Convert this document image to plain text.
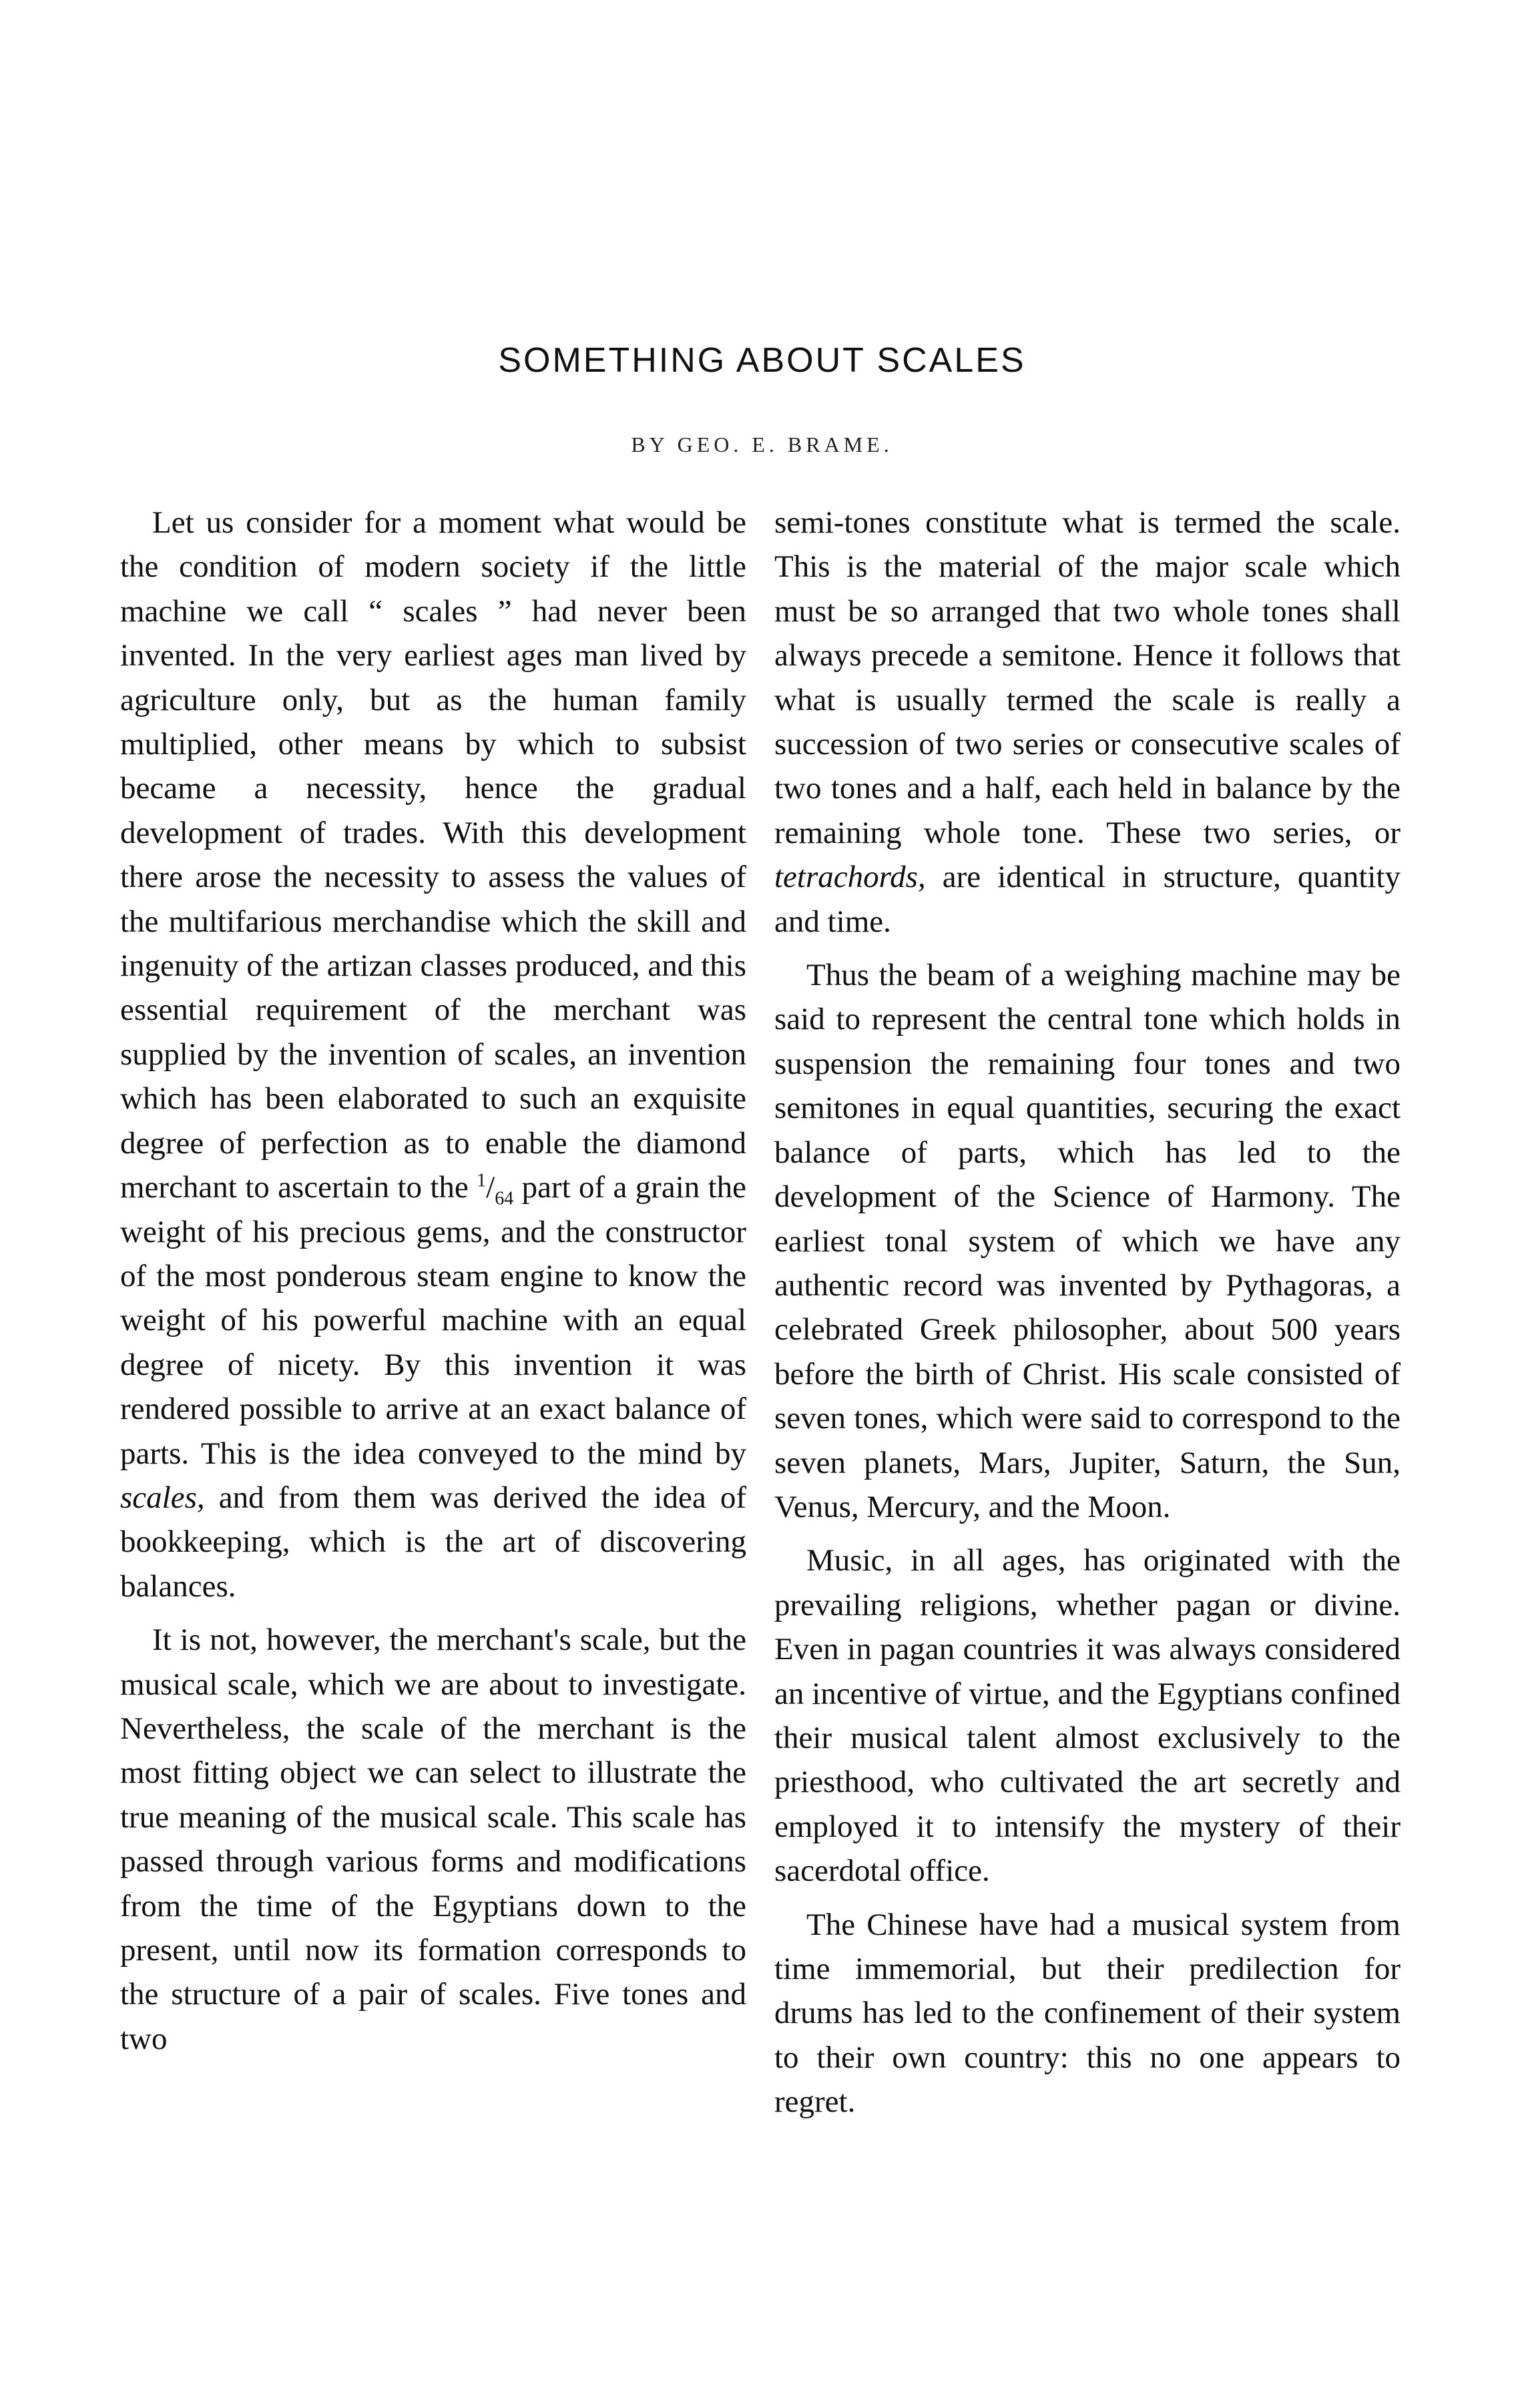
SOMETHING ABOUT SCALES
BY GEO. E. BRAME.

Let us consider for a moment what would be the condition of modern society if the little machine we call “ scales ” had never been invented. In the very earliest ages man lived by agriculture only, but as the human family multiplied, other means by which to subsist became a necessity, hence the gradual development of trades. With this development there arose the necessity to assess the values of the multifarious merchandise which the skill and ingenuity of the artizan classes produced, and this essential requirement of the merchant was supplied by the invention of scales, an invention which has been elaborated to such an exquisite degree of perfection as to enable the diamond merchant to ascertain to the $^1/_{64}$ part of a grain the weight of his precious gems, and the constructor of the most ponderous steam engine to know the weight of his powerful machine with an equal degree of nicety. By this invention it was rendered possible to arrive at an exact balance of parts. This is the idea conveyed to the mind by scales, and from them was derived the idea of bookkeeping, which is the art of discovering balances.

It is not, however, the merchant's scale, but the musical scale, which we are about to investigate. Nevertheless, the scale of the merchant is the most fitting object we can select to illustrate the true meaning of the musical scale. This scale has passed through various forms and modifications from the time of the Egyptians down to the present, until now its formation corresponds to the structure of a pair of scales. Five tones and two

semi-tones constitute what is termed the scale. This is the material of the major scale which must be so arranged that two whole tones shall always precede a semitone. Hence it follows that what is usually termed the scale is really a succession of two series or consecutive scales of two tones and a half, each held in balance by the remaining whole tone. These two series, or tetrachords, are identical in structure, quantity and time.

Thus the beam of a weighing machine may be said to represent the central tone which holds in suspension the remaining four tones and two semitones in equal quantities, securing the exact balance of parts, which has led to the development of the Science of Harmony. The earliest tonal system of which we have any authentic record was invented by Pythagoras, a celebrated Greek philosopher, about 500 years before the birth of Christ. His scale consisted of seven tones, which were said to correspond to the seven planets, Mars, Jupiter, Saturn, the Sun, Venus, Mercury, and the Moon.

Music, in all ages, has originated with the prevailing religions, whether pagan or divine. Even in pagan countries it was always considered an incentive of virtue, and the Egyptians confined their musical talent almost exclusively to the priesthood, who cultivated the art secretly and employed it to intensify the mystery of their sacerdotal office.

The Chinese have had a musical system from time immemorial, but their predilection for drums has led to the confinement of their system to their own country: this no one appears to regret.
